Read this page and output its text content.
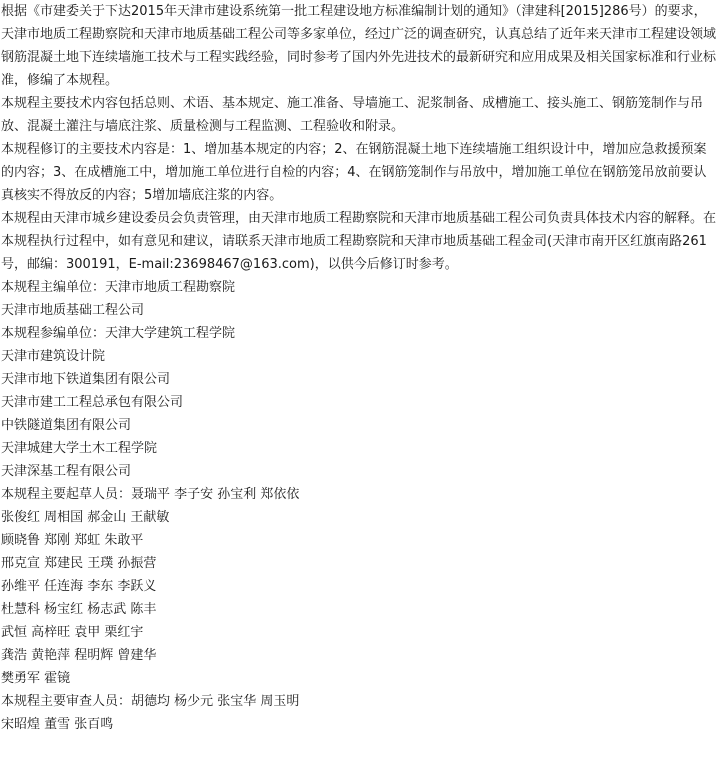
根据《市建委关于下达2015年天津市建设系统第一批工程建设地方标准编制计划的通知》（津建科[2015]286号）的要求，天津市地质工程勘察院和天津市地质基础工程公司等多家单位，经过广泛的调查研究，认真总结了近年来天津市工程建设领域钢筋混凝土地下连续墙施工技术与工程实践经验，同时参考了国内外先进技术的最新研究和应用成果及相关国家标准和行业标准，修编了本规程。

本规程主要技术内容包括总则、术语、基本规定、施工准备、导墙施工、泥浆制备、成槽施工、接头施工、钢筋笼制作与吊放、混凝土灌注与墙底注浆、质量检测与工程监测、工程验收和附录。

本规程修订的主要技术内容是：1、增加基本规定的内容；2、在钢筋混凝土地下连续墙施工组织设计中，增加应急救援预案的内容；3、在成槽施工中，增加施工单位进行自检的内容；4、在钢筋笼制作与吊放中，增加施工单位在钢筋笼吊放前要认真核实不得放反的内容；5增加墙底注浆的内容。

本规程由天津市城乡建设委员会负责管理，由天津市地质工程勘察院和天津市地质基础工程公司负责具体技术内容的解释。在本规程执行过程中，如有意见和建议，请联系天津市地质工程勘察院和天津市地质基础工程金司(天津市南开区红旗南路261号，邮编：300191，E-mail:23698467@163.com)，以供今后修订时参考。

本规程主编单位：天津市地质工程勘察院

天津市地质基础工程公司

本规程参编单位：天津大学建筑工程学院

天津市建筑设计院

天津市地下铁道集团有限公司

天津市建工工程总承包有限公司

中铁隧道集团有限公司

天津城建大学土木工程学院

天津深基工程有限公司

本规程主要起草人员：聂瑞平 李子安 孙宝利 郑依依

张俊红 周相国 郝金山 王献敏

顾晓鲁 郑刚 郑虹 朱敢平

邢克宣 郑建民 王璞 孙振营

孙维平 任连海 李东 李跃义

杜慧科 杨宝红 杨志武 陈丰

武恒 高梓旺 袁甲 栗红宇

龚浩 黄艳萍 程明辉 曾建华

樊勇军 霍镜

本规程主要审查人员：胡德均 杨少元 张宝华 周玉明

宋昭煌 董雪 张百鸣
